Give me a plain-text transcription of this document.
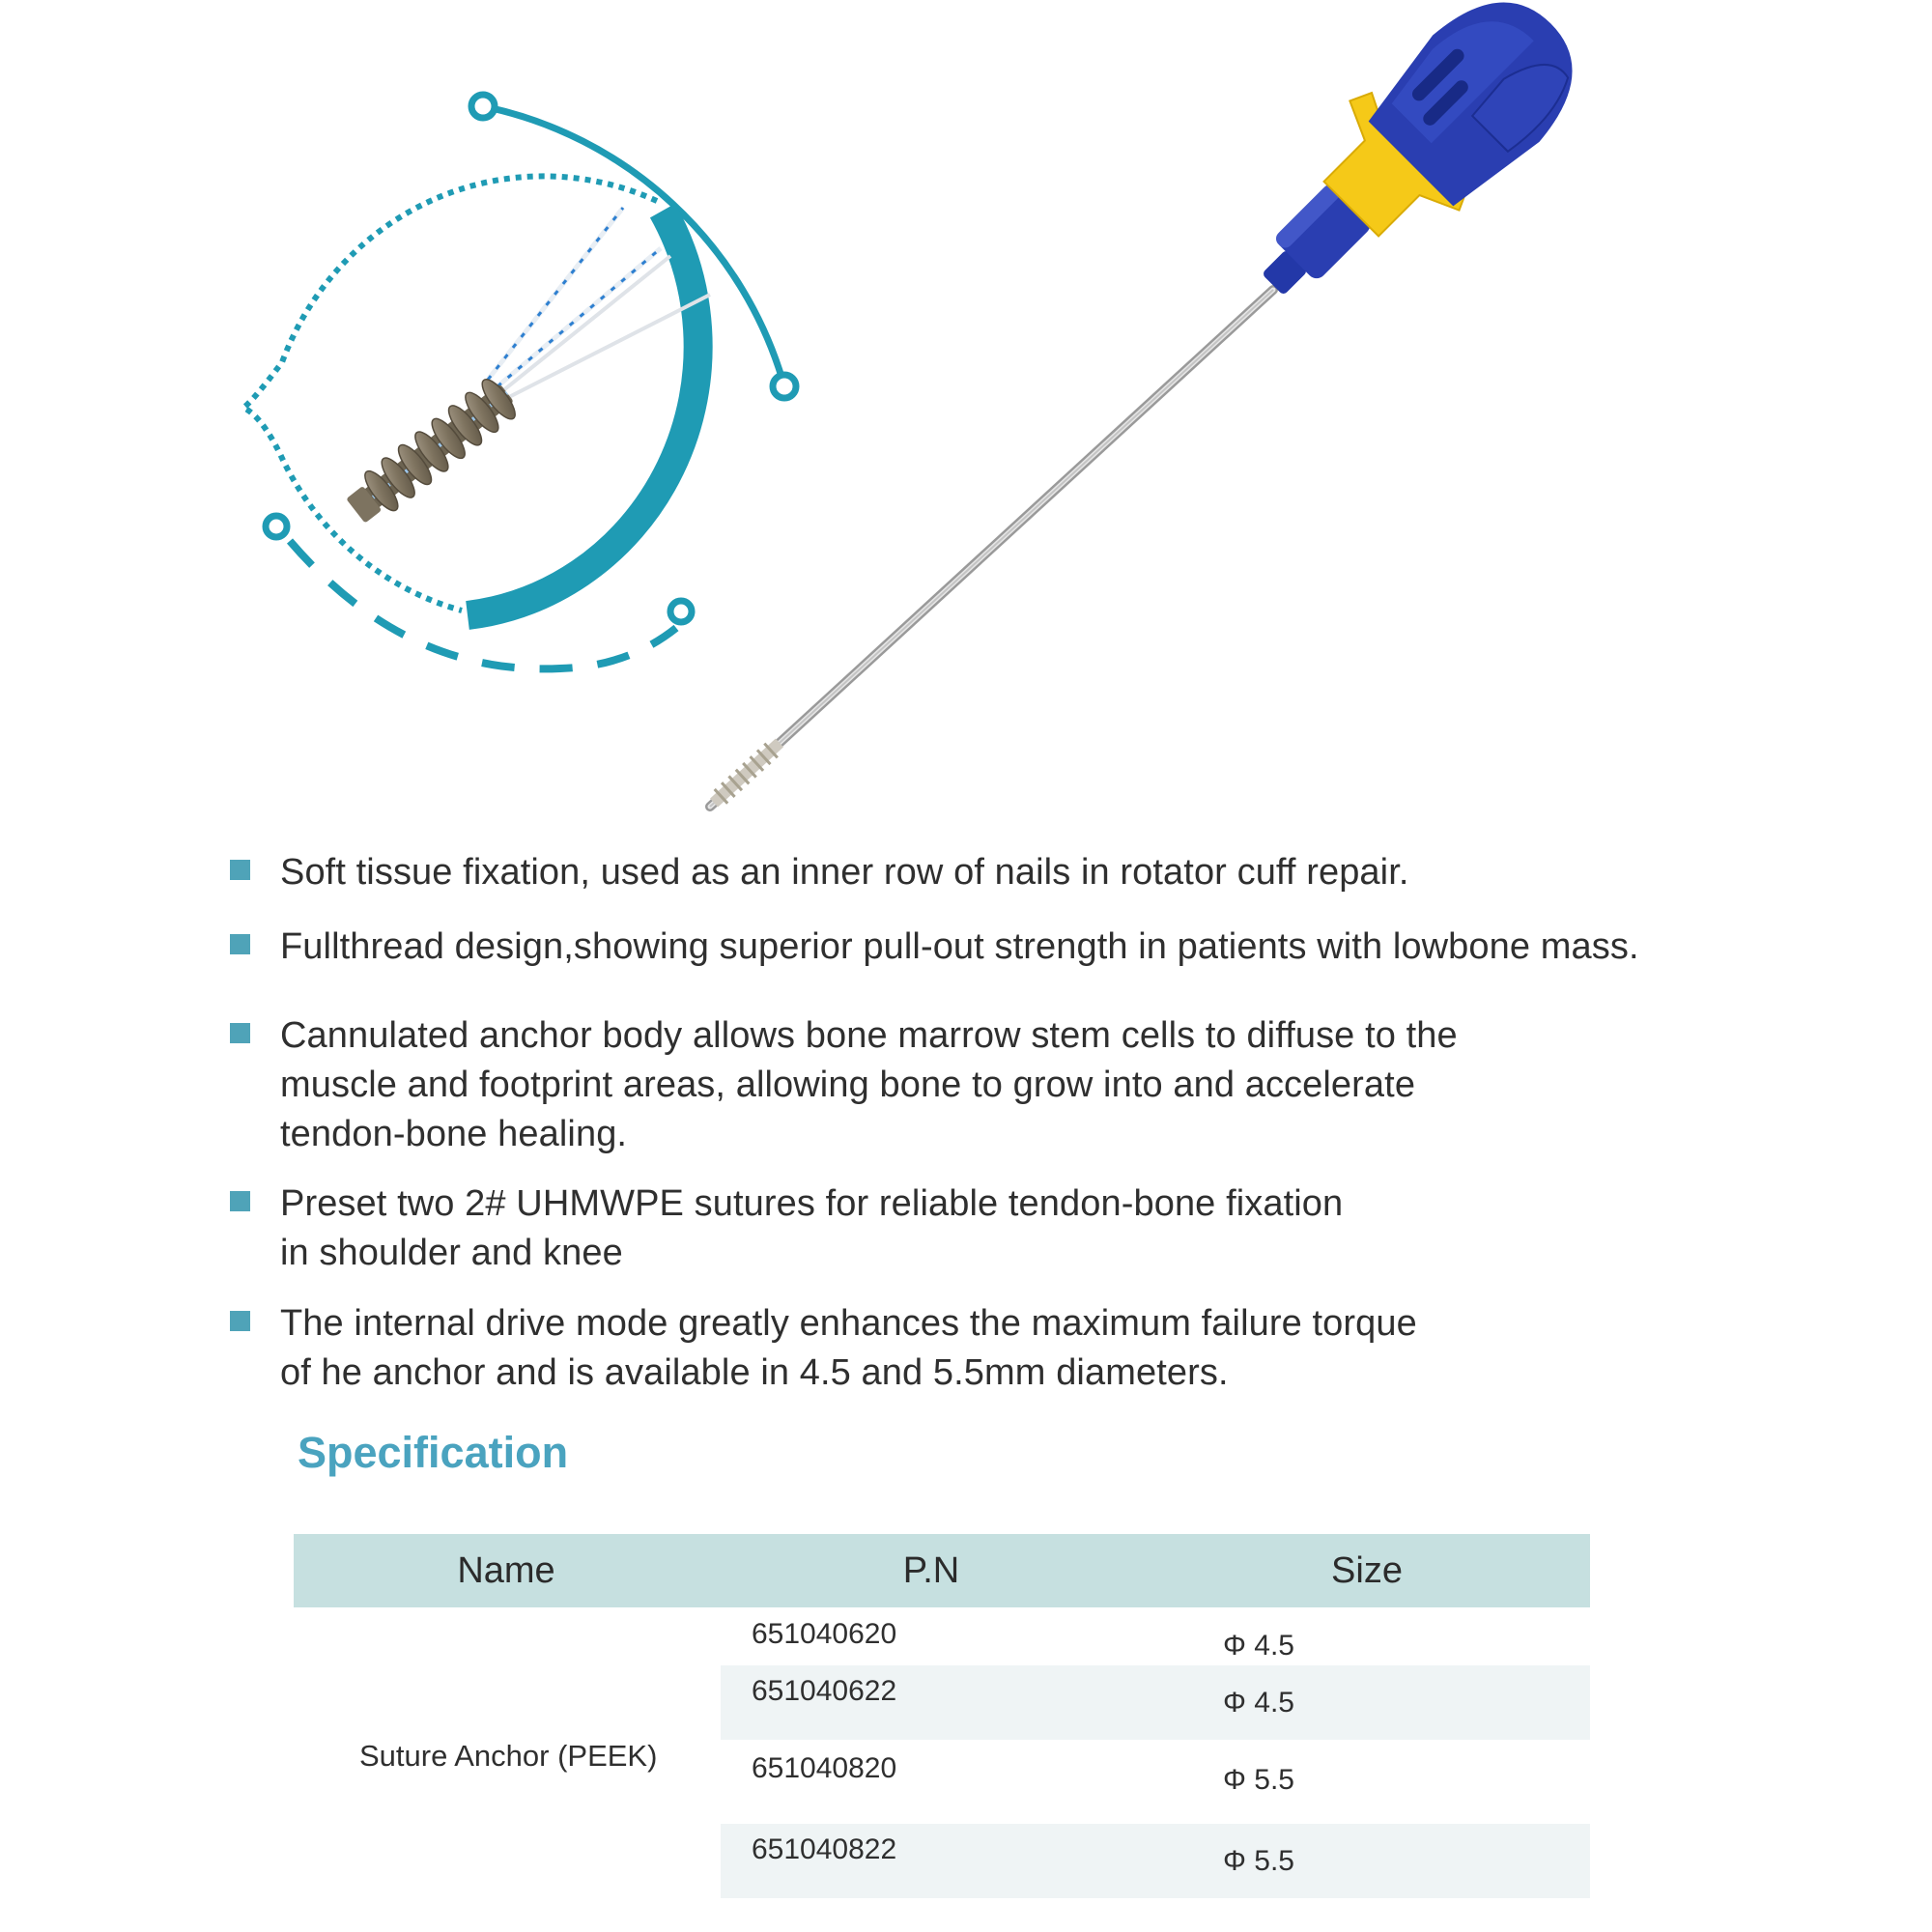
Soft tissue fixation, used as an inner row of nails in rotator cuff repair.
Fullthread design,showing superior pull-out strength in patients with lowbone mass.
Cannulated anchor body allows bone marrow stem cells to diffuse to the
muscle and footprint areas, allowing bone to grow into and accelerate
tendon-bone healing.
Preset two 2# UHMWPE sutures for reliable tendon-bone fixation
in shoulder and knee
The internal drive mode greatly enhances the maximum failure torque
of he anchor and is available in 4.5 and 5.5mm diameters.
Specification
Name	P.N	Size
Suture Anchor (PEEK)
651040620	Φ 4.5
651040622	Φ 4.5
651040820	Φ 5.5
651040822	Φ 5.5
